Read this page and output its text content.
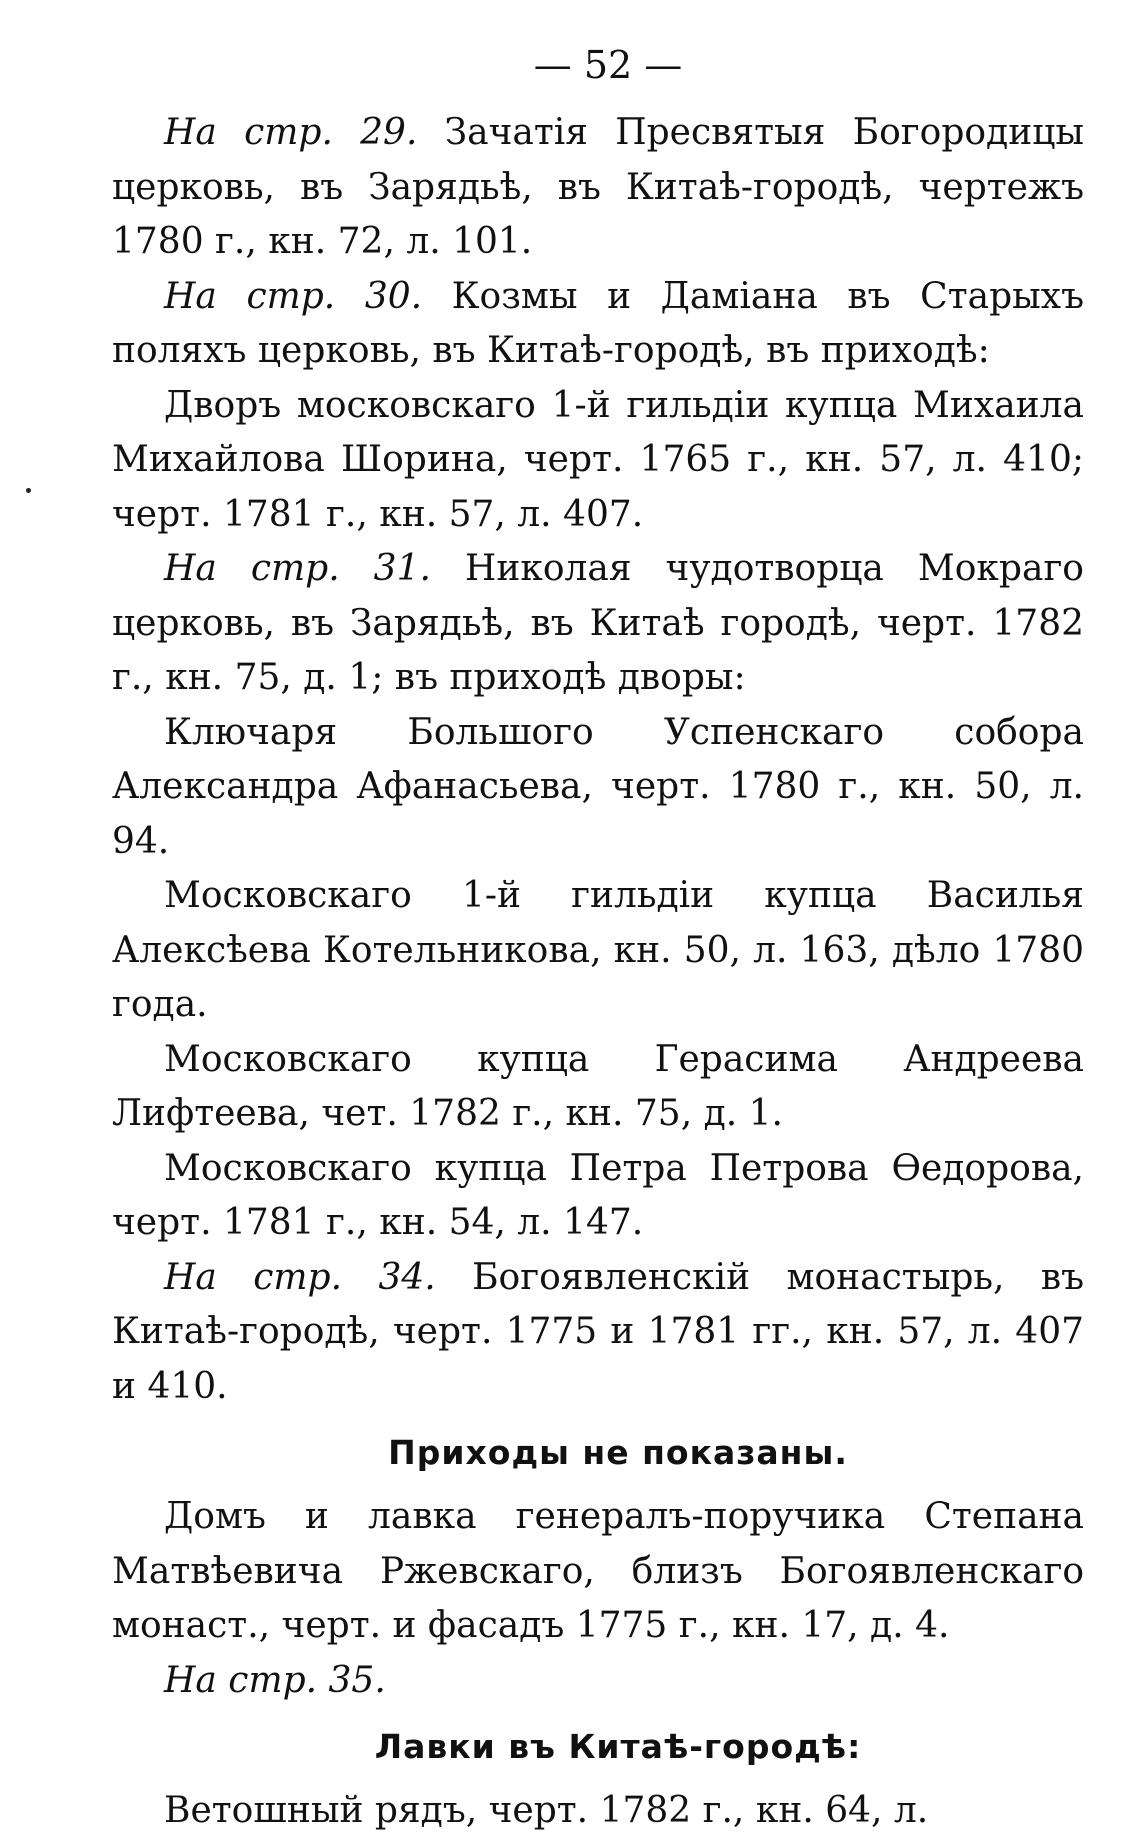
— 52 —

На стр. 29. Зачатія Пресвятыя Богородицы церковь, въ Зарядьѣ, въ Китаѣ-городѣ, чертежъ 1780 г., кн. 72, л. 101.

На стр. 30. Козмы и Даміана въ Старыхъ поляхъ церковь, въ Китаѣ-городѣ, въ приходѣ:

Дворъ московскаго 1-й гильдіи купца Михаила Михайлова Шорина, черт. 1765 г., кн. 57, л. 410; черт. 1781 г., кн. 57, л. 407.

На стр. 31. Николая чудотворца Мокраго церковь, въ Зарядьѣ, въ Китаѣ городѣ, черт. 1782 г., кн. 75, д. 1; въ приходѣ дворы:

Ключаря Большого Успенскаго собора Александра Афанасьева, черт. 1780 г., кн. 50, л. 94.

Московскаго 1-й гильдіи купца Василья Алексѣева Котельникова, кн. 50, л. 163, дѣло 1780 года.

Московскаго купца Герасима Андреева Лифтеева, чет. 1782 г., кн. 75, д. 1.

Московскаго купца Петра Петрова Ѳедорова, черт. 1781 г., кн. 54, л. 147.

На стр. 34. Богоявленскій монастырь, въ Китаѣ-городѣ, черт. 1775 и 1781 гг., кн. 57, л. 407 и 410.

Приходы не показаны.

Домъ и лавка генералъ-поручика Степана Матвѣевича Ржевскаго, близъ Богоявленскаго монаст., черт. и фасадъ 1775 г., кн. 17, д. 4.

На стр. 35.

Лавки въ Китаѣ-городѣ:

Ветошный рядъ, черт. 1782 г., кн. 64, л.
